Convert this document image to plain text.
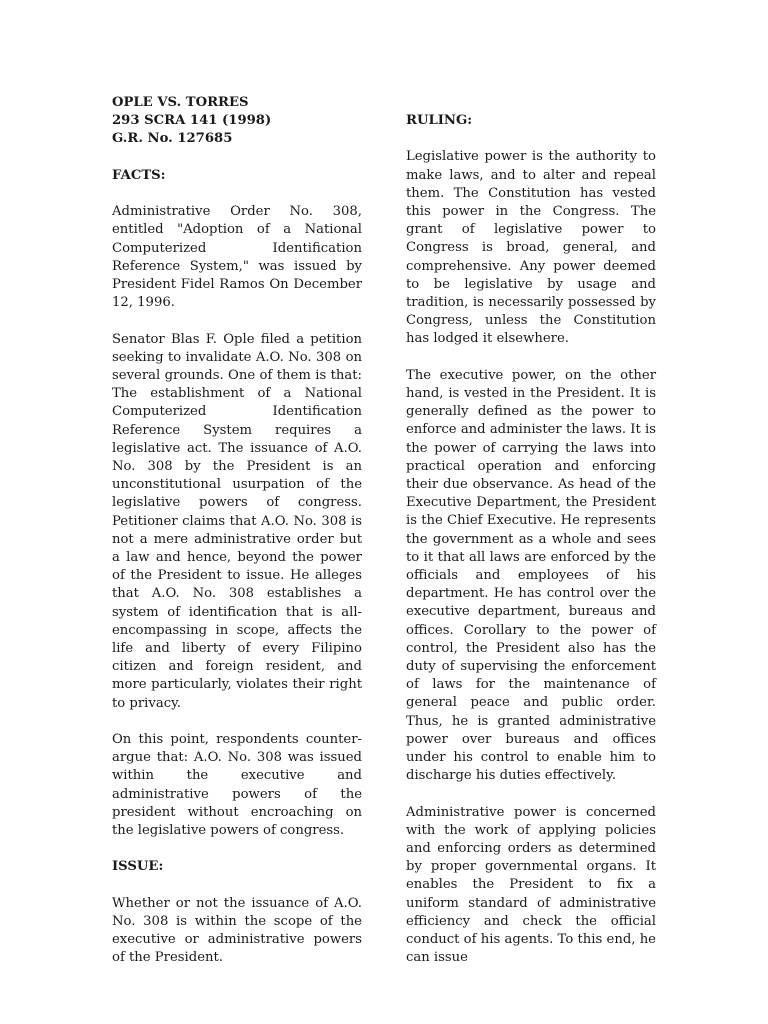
OPLE VS. TORRES
293 SCRA 141 (1998)
G.R. No. 127685
FACTS:

Administrative Order No. 308, entitled "Adoption of a National Computerized Identification Reference System," was issued by President Fidel Ramos On December 12, 1996.

Senator Blas F. Ople filed a petition seeking to invalidate A.O. No. 308 on several grounds. One of them is that: The establishment of a National Computerized Identification Reference System requires a legislative act. The issuance of A.O. No. 308 by the President is an unconstitutional usurpation of the legislative powers of congress. Petitioner claims that A.O. No. 308 is not a mere administrative order but a law and hence, beyond the power of the President to issue. He alleges that A.O. No. 308 establishes a system of identification that is all-encompassing in scope, affects the life and liberty of every Filipino citizen and foreign resident, and more particularly, violates their right to privacy.

On this point, respondents counter-argue that: A.O. No. 308 was issued within the executive and administrative powers of the president without encroaching on the legislative powers of congress.

ISSUE:

Whether or not the issuance of A.O. No. 308 is within the scope of the executive or administrative powers of the President.

RULING:

Legislative power is the authority to make laws, and to alter and repeal them. The Constitution has vested this power in the Congress. The grant of legislative power to Congress is broad, general, and comprehensive. Any power deemed to be legislative by usage and tradition, is necessarily possessed by Congress, unless the Constitution has lodged it elsewhere.

The executive power, on the other hand, is vested in the President. It is generally defined as the power to enforce and administer the laws. It is the power of carrying the laws into practical operation and enforcing their due observance. As head of the Executive Department, the President is the Chief Executive. He represents the government as a whole and sees to it that all laws are enforced by the officials and employees of his department. He has control over the executive department, bureaus and offices. Corollary to the power of control, the President also has the duty of supervising the enforcement of laws for the maintenance of general peace and public order. Thus, he is granted administrative power over bureaus and offices under his control to enable him to discharge his duties effectively.

Administrative power is concerned with the work of applying policies and enforcing orders as determined by proper governmental organs. It enables the President to fix a uniform standard of administrative efficiency and check the official conduct of his agents. To this end, he can issue
